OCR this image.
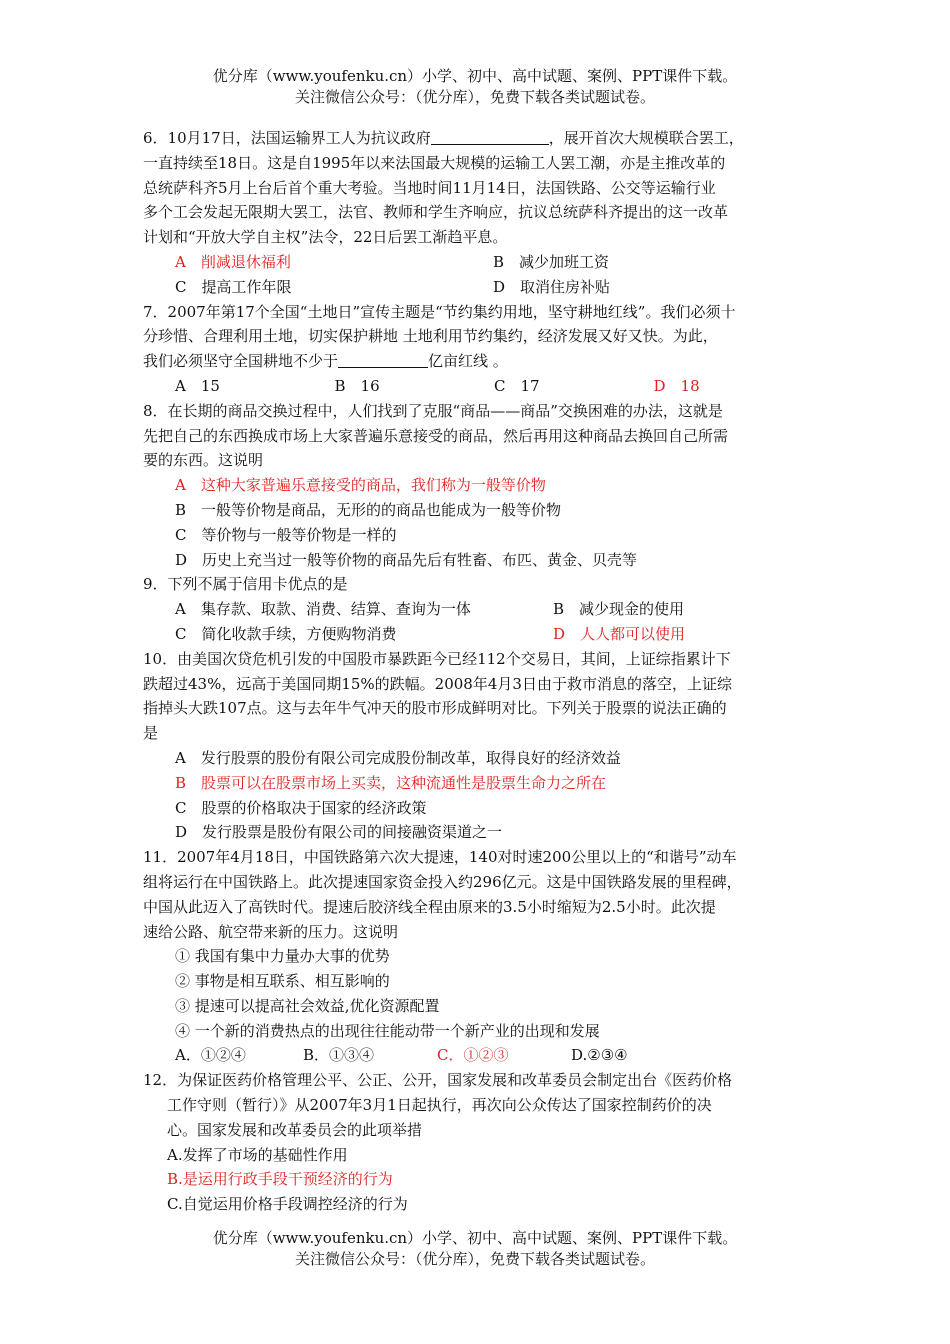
优分库（www.youfenku.cn）小学、初中、高中试题、案例、PPT课件下载。
关注微信公众号：（优分库），免费下载各类试题试卷。

6．10月17日，法国运输界工人为抗议政府	，展开首次大规模联合罢工，

一直持续至18日。这是自1995年以来法国最大规模的运输工人罢工潮，亦是主推改革的

总统萨科齐5月上台后首个重大考验。当地时间11月14日，法国铁路、公交等运输行业

多个工会发起无限期大罢工，法官、教师和学生齐响应，抗议总统萨科齐提出的这一改革

计划和“开放大学自主权”法令，22日后罢工渐趋平息。

A　削减退休福利	B　减少加班工资
C　提高工作年限	D　取消住房补贴

7．2007年第17个全国“土地日”宣传主题是“节约集约用地，坚守耕地红线”。我们必须十

分珍惜、合理利用土地，切实保护耕地 土地利用节约集约，经济发展又好又快。为此，

我们必须坚守全国耕地不少于	亿亩红线 。

A　15	B　16	C　17	D　18

8．在长期的商品交换过程中，人们找到了克服“商品——商品”交换困难的办法，这就是

先把自己的东西换成市场上大家普遍乐意接受的商品，然后再用这种商品去换回自己所需

要的东西。这说明

A　这种大家普遍乐意接受的商品，我们称为一般等价物

B　一般等价物是商品，无形的的商品也能成为一般等价物

C　等价物与一般等价物是一样的

D　历史上充当过一般等价物的商品先后有牲畜、布匹、黄金、贝壳等

9．下列不属于信用卡优点的是

A　集存款、取款、消费、结算、查询为一体	B　减少现金的使用
C　简化收款手续，方便购物消费	D　人人都可以使用

10．由美国次贷危机引发的中国股市暴跌距今已经112个交易日，其间，上证综指累计下

跌超过43%，远高于美国同期15%的跌幅。2008年4月3日由于救市消息的落空，上证综

指掉头大跌107点。这与去年牛气冲天的股市形成鲜明对比。下列关于股票的说法正确的

是

A　发行股票的股份有限公司完成股份制改革，取得良好的经济效益

B　股票可以在股票市场上买卖，这种流通性是股票生命力之所在

C　股票的价格取决于国家的经济政策

D　发行股票是股份有限公司的间接融资渠道之一

11．2007年4月18日，中国铁路第六次大提速，140对时速200公里以上的“和谐号”动车

组将运行在中国铁路上。此次提速国家资金投入约296亿元。这是中国铁路发展的里程碑，

中国从此迈入了高铁时代。提速后胶济线全程由原来的3.5小时缩短为2.5小时。此次提

速给公路、航空带来新的压力。这说明

① 我国有集中力量办大事的优势

② 事物是相互联系、相互影响的

③ 提速可以提高社会效益,优化资源配置

④ 一个新的消费热点的出现往往能动带一个新产业的出现和发展

A．①②④	B．①③④	C．①②③	D.②③④

12．为保证医药价格管理公平、公正、公开，国家发展和改革委员会制定出台《医药价格

工作守则（暂行）》从2007年3月1日起执行，再次向公众传达了国家控制药价的决

心。国家发展和改革委员会的此项举措

A.发挥了市场的基础性作用

B.是运用行政手段干预经济的行为

C.自觉运用价格手段调控经济的行为

优分库（www.youfenku.cn）小学、初中、高中试题、案例、PPT课件下载。
关注微信公众号：（优分库），免费下载各类试题试卷。
